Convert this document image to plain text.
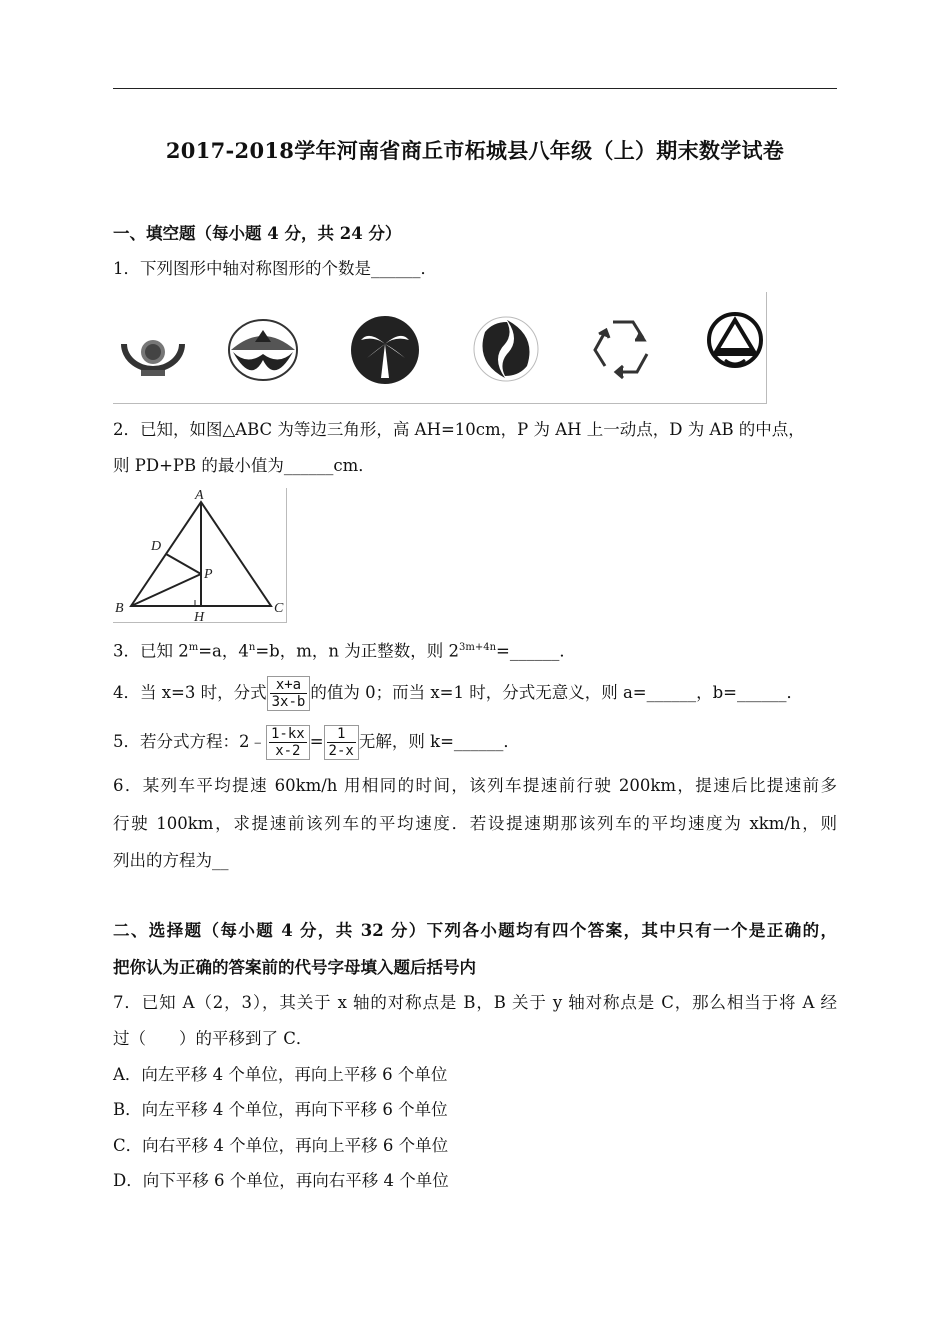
2017-2018学年河南省商丘市柘城县八年级（上）期末数学试卷
一、填空题（每小题 4 分，共 24 分）
1．下列图形中轴对称图形的个数是______．
2．已知，如图△ABC 为等边三角形，高 AH=10cm，P 为 AH 上一动点，D 为 AB 的中点，
则 PD+PB 的最小值为______cm．
A
B	C
D
P
H
3．已知 $2^m=a$，$4^n=b$，m，n 为正整数，则 $2^{3m+4n}=\_\_\_\_\_\_$．
4．当 x=3 时，分式 $\frac{x+a}{3x-b}$ 的值为 0；而当 x=1 时，分式无意义，则 a=______，b=______．
5．若分式方程：2﹣ $\frac{1-kx}{x-2} = \frac{1}{2-x}$ 无解，则 k=______．
6．某列车平均提速 60km/h 用相同的时间，该列车提速前行驶 200km，提速后比提速前多
行驶 100km，求提速前该列车的平均速度．若设提速期那该列车的平均速度为 xkm/h，则
列出的方程为__
二、选择题（每小题 4 分，共 32 分）下列各小题均有四个答案，其中只有一个是正确的，
把你认为正确的答案前的代号字母填入题后括号内
7．已知 A（2，3），其关于 x 轴的对称点是 B，B 关于 y 轴对称点是 C，那么相当于将 A 经
过（　　）的平移到了 C．
A．向左平移 4 个单位，再向上平移 6 个单位
B．向左平移 4 个单位，再向下平移 6 个单位
C．向右平移 4 个单位，再向上平移 6 个单位
D．向下平移 6 个单位，再向右平移 4 个单位
